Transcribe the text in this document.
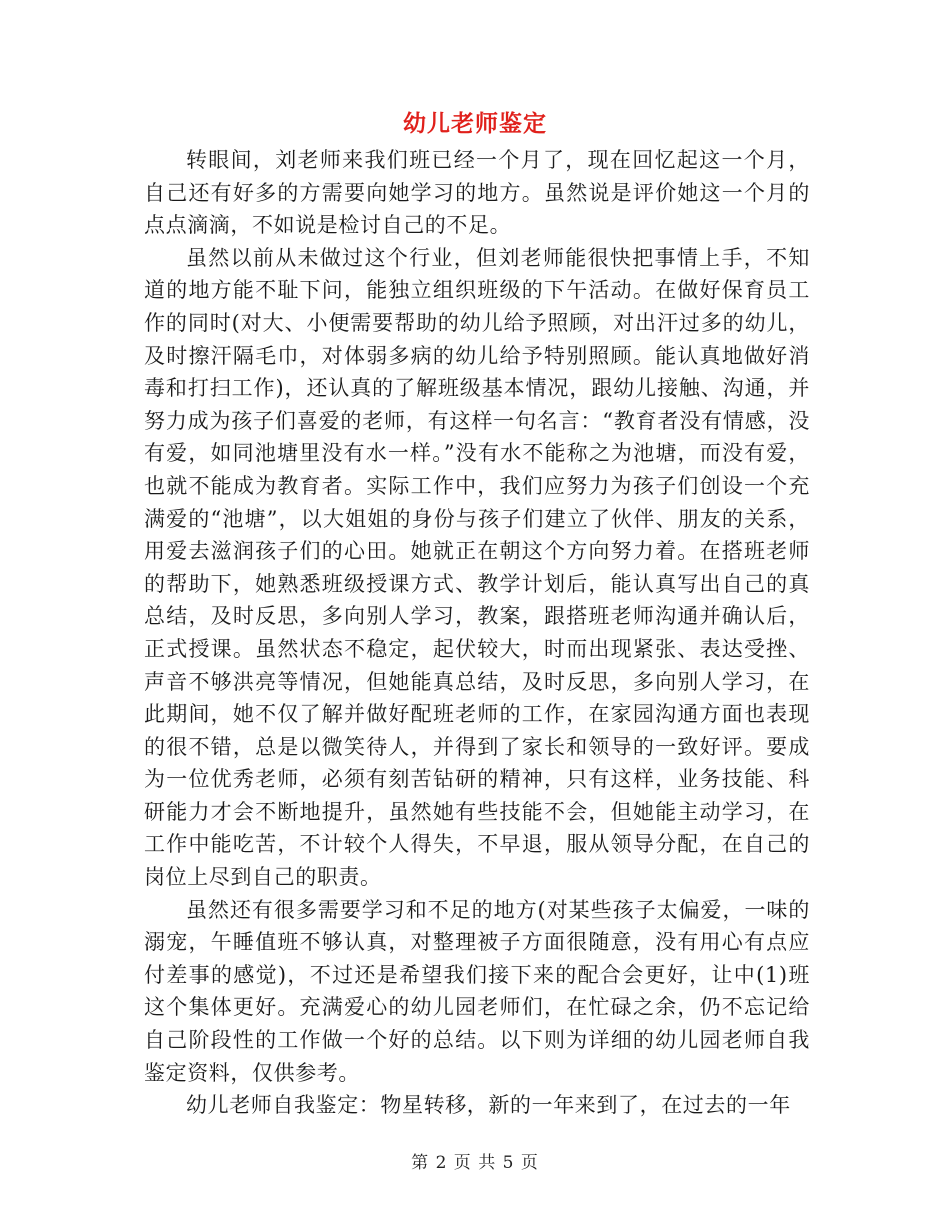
幼儿老师鉴定

转眼间，刘老师来我们班已经一个月了，现在回忆起这一个月，自己还有好多的方需要向她学习的地方。虽然说是评价她这一个月的点点滴滴，不如说是检讨自己的不足。

虽然以前从未做过这个行业，但刘老师能很快把事情上手，不知道的地方能不耻下问，能独立组织班级的下午活动。在做好保育员工作的同时(对大、小便需要帮助的幼儿给予照顾，对出汗过多的幼儿，及时擦汗隔毛巾，对体弱多病的幼儿给予特别照顾。能认真地做好消毒和打扫工作)，还认真的了解班级基本情况，跟幼儿接触、沟通，并努力成为孩子们喜爱的老师，有这样一句名言：“教育者没有情感，没有爱，如同池塘里没有水一样。”没有水不能称之为池塘，而没有爱，也就不能成为教育者。实际工作中，我们应努力为孩子们创设一个充满爱的“池塘”，以大姐姐的身份与孩子们建立了伙伴、朋友的关系，用爱去滋润孩子们的心田。她就正在朝这个方向努力着。在搭班老师的帮助下，她熟悉班级授课方式、教学计划后，能认真写出自己的真总结，及时反思，多向别人学习，教案，跟搭班老师沟通并确认后，正式授课。虽然状态不稳定，起伏较大，时而出现紧张、表达受挫、声音不够洪亮等情况，但她能真总结，及时反思，多向别人学习，在此期间，她不仅了解并做好配班老师的工作，在家园沟通方面也表现的很不错，总是以微笑待人，并得到了家长和领导的一致好评。要成为一位优秀老师，必须有刻苦钻研的精神，只有这样，业务技能、科研能力才会不断地提升，虽然她有些技能不会，但她能主动学习，在工作中能吃苦，不计较个人得失，不早退，服从领导分配，在自己的岗位上尽到自己的职责。

虽然还有很多需要学习和不足的地方(对某些孩子太偏爱，一味的溺宠，午睡值班不够认真，对整理被子方面很随意，没有用心有点应付差事的感觉)，不过还是希望我们接下来的配合会更好，让中(1)班这个集体更好。充满爱心的幼儿园老师们，在忙碌之余，仍不忘记给自己阶段性的工作做一个好的总结。以下则为详细的幼儿园老师自我鉴定资料，仅供参考。

幼儿老师自我鉴定：物星转移，新的一年来到了，在过去的一年

第 2 页 共 5 页
